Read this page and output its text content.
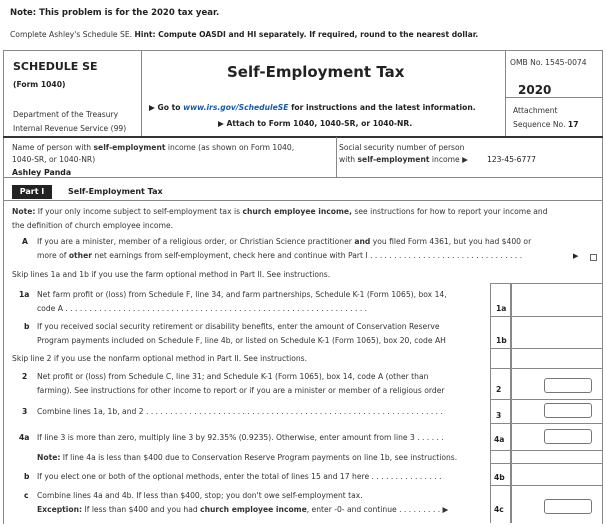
Note: This problem is for the 2020 tax year.
Complete Ashley's Schedule SE. Hint: Compute OASDI and HI separately. If required, round to the nearest dollar.
SCHEDULE SE
(Form 1040)
Department of the Treasury
Internal Revenue Service (99)
Self-Employment Tax
▶ Go to www.irs.gov/ScheduleSE for instructions and the latest information.
▶ Attach to Form 1040, 1040-SR, or 1040-NR.
OMB No. 1545-0074
2020
Attachment
Sequence No. 17
Name of person with self-employment income (as shown on Form 1040,
1040-SR, or 1040-NR)
Ashley Panda
Social security number of person
with self-employment income ▶	123-45-6777
Part I	Self-Employment Tax
Note: If your only income subject to self-employment tax is church employee income, see instructions for how to report your income and
the definition of church employee income.
A If you are a minister, member of a religious order, or Christian Science practitioner and you filed Form 4361, but you had $400 or
more of other net earnings from self-employment, check here and continue with Part I . . . . . . . . . . . . . . . . . . . . . . . . . . . . . . . .	▶
Skip lines 1a and 1b if you use the farm optional method in Part II. See instructions.
1a Net farm profit or (loss) from Schedule F, line 34, and farm partnerships, Schedule K-1 (Form 1065), box 14,
code A . . . . . . . . . . . . . . . . . . . . . . . . . . . . . . . . . . . . . . . . . . . . . . . . . . . . . . . . . . . . . . .	1a
b If you received social security retirement or disability benefits, enter the amount of Conservation Reserve
Program payments included on Schedule F, line 4b, or listed on Schedule K-1 (Form 1065), box 20, code AH	1b
Skip line 2 if you use the nonfarm optional method in Part II. See instructions.
2 Net profit or (loss) from Schedule C, line 31; and Schedule K-1 (Form 1065), box 14, code A (other than
farming). See instructions for other income to report or if you are a minister or member of a religious order	2
3 Combine lines 1a, 1b, and 2 . . . . . . . . . . . . . . . . . . . . . . . . . . . . . . . . . . . . . . . . . . . . . . . . . . . . . . . . . . . . . .	3
4a If line 3 is more than zero, multiply line 3 by 92.35% (0.9235). Otherwise, enter amount from line 3 . . . . . .	4a
Note: If line 4a is less than $400 due to Conservation Reserve Program payments on line 1b, see instructions.
b If you elect one or both of the optional methods, enter the total of lines 15 and 17 here . . . . . . . . . . . . . . .	4b
c Combine lines 4a and 4b. If less than $400, stop; you don't owe self-employment tax.
Exception: If less than $400 and you had church employee income, enter -0- and continue . . . . . . . . . ▶	4c
